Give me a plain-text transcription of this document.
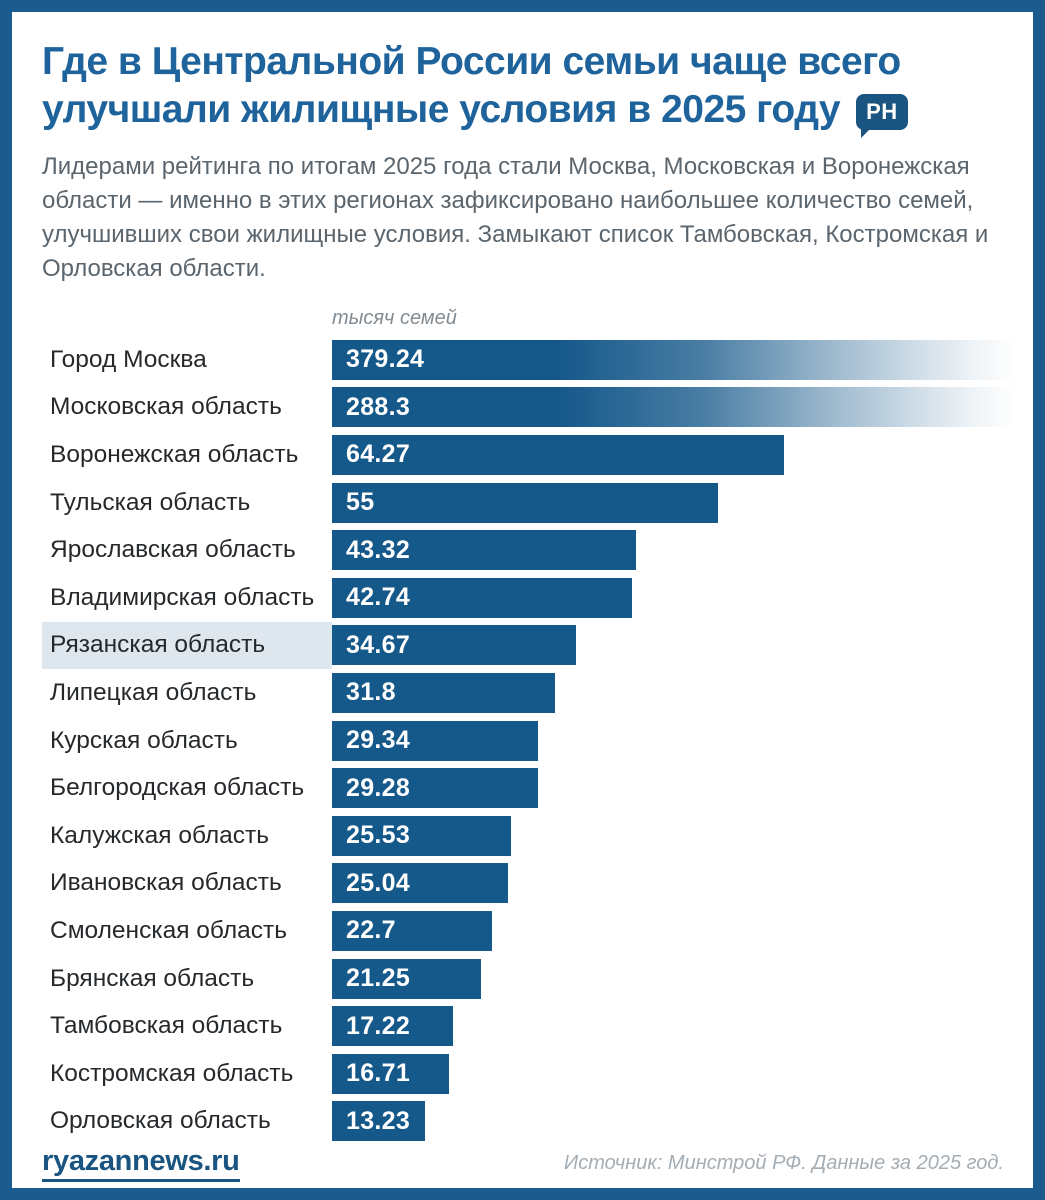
Где в Центральной России семьи чаще всего
улучшали жилищные условия в 2025 году	РН

Лидерами рейтинга по итогам 2025 года стали Москва, Московская и Воронежская области — именно в этих регионах зафиксировано наибольшее количество семей, улучшивших свои жилищные условия. Замыкают список Тамбовская, Костромская и Орловская области.

тысяч семей
Город Москва	379.24
Московская область	288.3
Воронежская область	64.27
Тульская область	55
Ярославская область	43.32
Владимирская область	42.74
Рязанская область	34.67
Липецкая область	31.8
Курская область	29.34
Белгородская область	29.28
Калужская область	25.53
Ивановская область	25.04
Смоленская область	22.7
Брянская область	21.25
Тамбовская область	17.22
Костромская область	16.71
Орловская область	13.23
ryazannews.ru	Источник: Минстрой РФ. Данные за 2025 год.
